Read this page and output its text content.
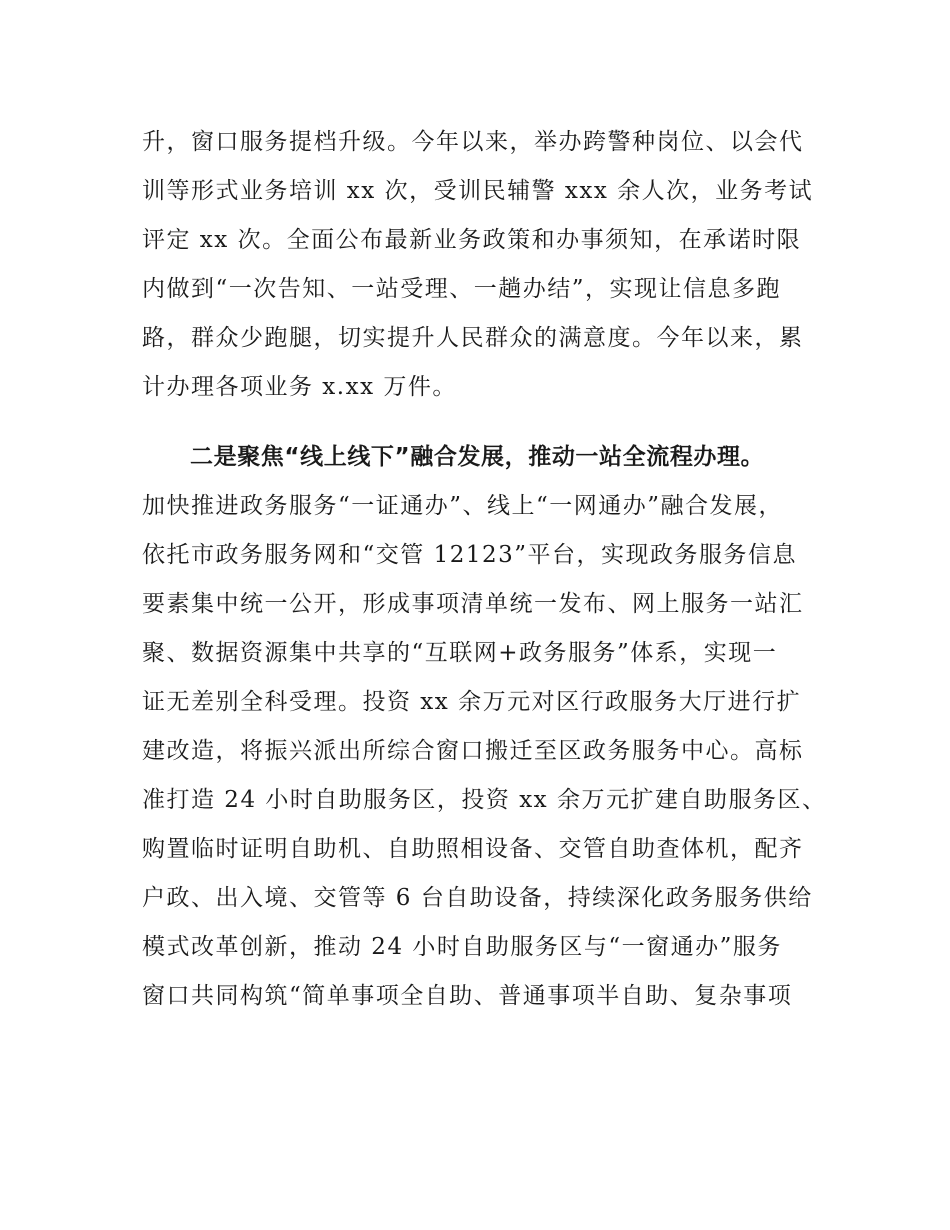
升，窗口服务提档升级。今年以来，举办跨警种岗位、以会代
训等形式业务培训 xx 次，受训民辅警 xxx 余人次，业务考试
评定 xx 次。全面公布最新业务政策和办事须知，在承诺时限
内做到“一次告知、一站受理、一趟办结”，实现让信息多跑
路，群众少跑腿，切实提升人民群众的满意度。今年以来，累
计办理各项业务 x.xx 万件。
二是聚焦“线上线下”融合发展，推动一站全流程办理。
加快推进政务服务“一证通办”、线上“一网通办”融合发展，
依托市政务服务网和“交管 12123”平台，实现政务服务信息
要素集中统一公开，形成事项清单统一发布、网上服务一站汇
聚、数据资源集中共享的“互联网+政务服务”体系，实现一
证无差别全科受理。投资 xx 余万元对区行政服务大厅进行扩
建改造，将振兴派出所综合窗口搬迁至区政务服务中心。高标
准打造 24 小时自助服务区，投资 xx 余万元扩建自助服务区、
购置临时证明自助机、自助照相设备、交管自助查体机，配齐
户政、出入境、交管等 6 台自助设备，持续深化政务服务供给
模式改革创新，推动 24 小时自助服务区与“一窗通办”服务
窗口共同构筑“简单事项全自助、普通事项半自助、复杂事项
